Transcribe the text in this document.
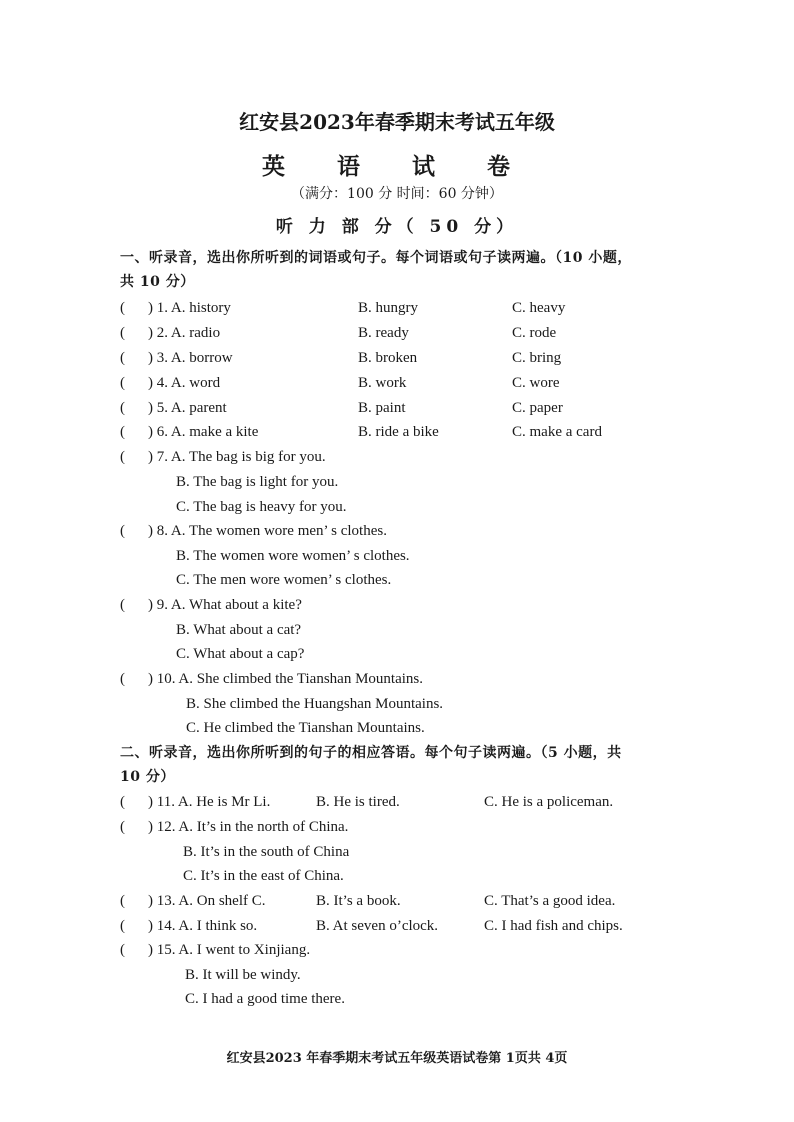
红安县2023年春季期末考试五年级
英 语 试 卷
（满分：100 分 时间：60 分钟）
听 力 部 分（ 50 分）
一、听录音，选出你所听到的词语或句子。每个词语或句子读两遍。（10 小题，
共 10 分）
( ) 1. A. history	B. hungry	C. heavy
( ) 2. A. radio	B. ready	C. rode
( ) 3. A. borrow	B. broken	C. bring
( ) 4. A. word	B. work	C. wore
( ) 5. A. parent	B. paint	C. paper
( ) 6. A. make a kite	B. ride a bike	C. make a card
( ) 7. A. The bag is big for you.
B. The bag is light for you.
C. The bag is heavy for you.
( ) 8. A. The women wore men’ s clothes.
B. The women wore women’ s clothes.
C. The men wore women’ s clothes.
( ) 9. A. What about a kite?
B. What about a cat?
C. What about a cap?
( ) 10. A. She climbed the Tianshan Mountains.
B. She climbed the Huangshan Mountains.
C. He climbed the Tianshan Mountains.
二、听录音，选出你所听到的句子的相应答语。每个句子读两遍。（5 小题，共
10 分）
( ) 11. A. He is Mr Li.	B. He is tired.	C. He is a policeman.
( ) 12. A. It’s in the north of China.
B. It’s in the south of China
C. It’s in the east of China.
( ) 13. A. On shelf C.	B. It’s a book.	C. That’s a good idea.
( ) 14. A. I think so.	B. At seven o’clock.	C. I had fish and chips.
( ) 15. A. I went to Xinjiang.
B. It will be windy.
C. I had a good time there.
红安县2023 年春季期末考试五年级英语试卷第 1页共 4页
